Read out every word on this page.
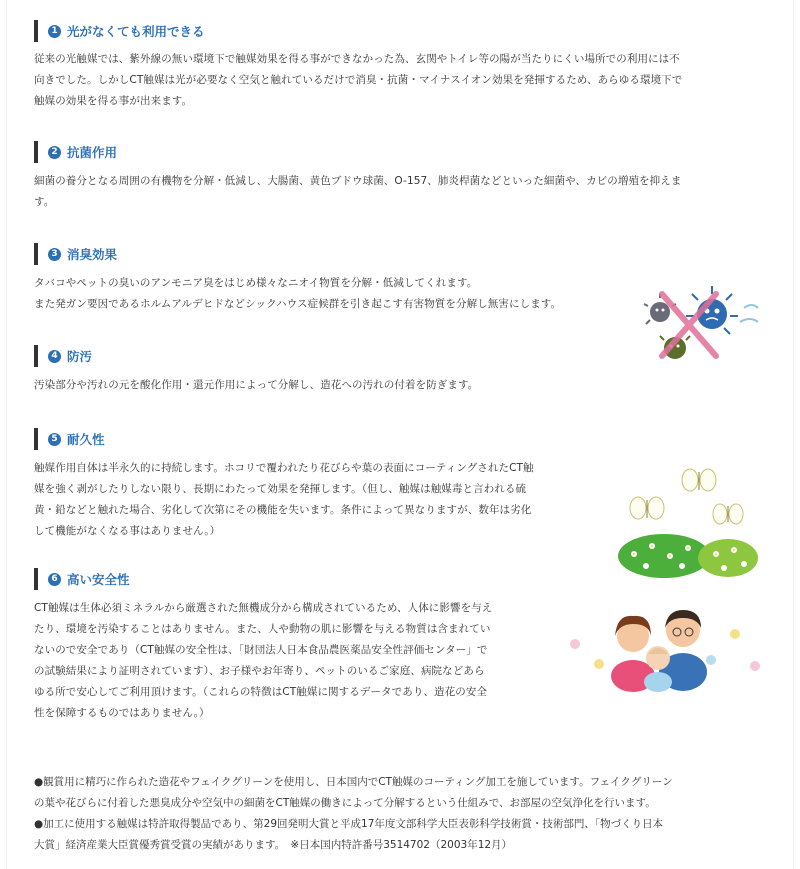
1 光がなくても利用できる
従来の光触媒では、紫外線の無い環境下で触媒効果を得る事ができなかった為、玄関やトイレ等の陽が当たりにくい場所での利用には不
向きでした。しかしCT触媒は光が必要なく空気と触れているだけで消臭・抗菌・マイナスイオン効果を発揮するため、あらゆる環境下で
触媒の効果を得る事が出来ます。
2 抗菌作用
細菌の養分となる周囲の有機物を分解・低減し、大腸菌、黄色ブドウ球菌、O-157、肺炎桿菌などといった細菌や、カビの増殖を抑えま
す。
3 消臭効果
タバコやペットの臭いのアンモニア臭をはじめ様々なニオイ物質を分解・低減してくれます。
また発ガン要因であるホルムアルデヒドなどシックハウス症候群を引き起こす有害物質を分解し無害にします。
4 防汚
汚染部分や汚れの元を酸化作用・還元作用によって分解し、造花への汚れの付着を防ぎます。
5 耐久性
触媒作用自体は半永久的に持続します。ホコリで覆われたり花びらや葉の表面にコーティングされたCT触
媒を強く剥がしたりしない限り、長期にわたって効果を発揮します。（但し、触媒は触媒毒と言われる硫
黄・鉛などと触れた場合、劣化して次第にその機能を失います。条件によって異なりますが、数年は劣化
して機能がなくなる事はありません。）
6 高い安全性
CT触媒は生体必須ミネラルから厳選された無機成分から構成されているため、人体に影響を与え
たり、環境を汚染することはありません。また、人や動物の肌に影響を与える物質は含まれてい
ないので安全であり（CT触媒の安全性は、「財団法人日本食品農医薬品安全性評価センター」で
の試験結果により証明されています）、お子様やお年寄り、ペットのいるご家庭、病院などあら
ゆる所で安心してご利用頂けます。（これらの特徴はCT触媒に関するデータであり、造花の安全
性を保障するものではありません。）
●観賞用に精巧に作られた造花やフェイクグリーンを使用し、日本国内でCT触媒のコーティング加工を施しています。フェイクグリーン
の葉や花びらに付着した悪臭成分や空気中の細菌をCT触媒の働きによって分解するという仕組みで、お部屋の空気浄化を行います。
●加工に使用する触媒は特許取得製品であり、第29回発明大賞と平成17年度文部科学大臣表彰科学技術賞・技術部門、「物づくり日本
大賞」経済産業大臣賞優秀賞受賞の実績があります。　※日本国内特許番号3514702（2003年12月）
